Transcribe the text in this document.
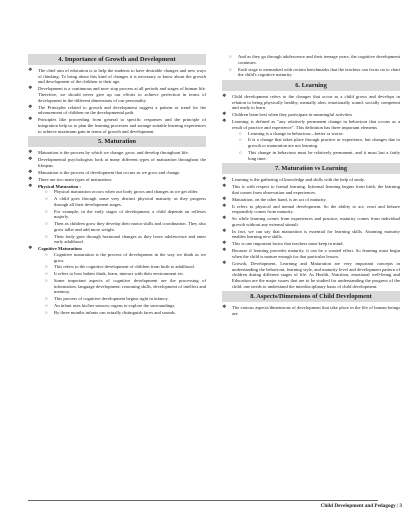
4. Importance of Growth and Development
❖ The chief aim of education is to help the students to have desirable changes and new ways of thinking. To bring about this kind of changes it is necessary to know about the growth and development of the children to their age.
❖ Development is a continuous and non- stop process at all periods and stages of human life. Therefore, we should never give up our efforts to achieve perfection in terms of development in the different dimensions of our personality.
❖ The Principles related to growth and development suggest a pattern or trend for the advancement of children on the developmental path.
❖ Principles like proceeding from general to specific responses and the principle of integration help us to plan the learning processes and arrange suitable learning experiences to achieve maximum gain in terms of growth and development.
5. Maturation
❖ Maturation is the process by which we change, grow, and develop throughout life.
❖ Developmental psychologists look at many different types of maturation throughout the lifespan.
❖ Maturation is the process of development that occurs as we grow and change.
❖ There are two main types of maturation:
❖ Physical Maturation :
○ Physical maturation occurs when our body grows and changes as we get older.
○ A child goes through some very distinct physical maturity as they progress through all their development stages.
○ For example, in the early stages of development, a child depends on reflexes majorly.
○ Then as children grow they develop their motor skills and coordination. They also grow taller and add more weight.
○ Their body goes through hormonal changes as they leave adolescence and enter early adulthood.
❖ Cognitive Maturation:
○ Cognitive maturation is the process of development in the way we think as we grow.
○ This refers to the cognitive development of children from birth to adulthood.
○ It refers to how babies think, learn, interact with their environment etc.
○ Some important aspects of cognitive development are the processing of information, language development, reasoning skills, development of intellect and memory.
○ This process of cognitive development begins right in infancy.
○ An infant uses his/her sensory organs to explore the surroundings.
○ By three months infants can actually distinguish faces and sounds.
○ And as they go through adolescence and their teenage years, the cognitive development continues.
○ Each stage is earmarked with certain benchmarks that the teachers can focus on to chart the child's cognitive maturity.
6. Learning
❖ Child development refers to the changes that occur as a child grows and develops in relation to being physically healthy, mentally alert, emotionally sound, socially competent and ready to learn.
❖ Children learn best when they participate in meaningful activities
❖ Learning is defined as "any relatively permanent change in behaviour that occurs as a result of practice and experience". This definition has three important elements
○ Learning is a change in behaviour—better or worse.
○ It is a change that takes place through practice or experience, but changes due to growth or maturation are not learning.
○ This change in behaviour must be relatively permanent, and it must last a fairly long time.
7. Maturation vs Learning
❖ Learning is the gathering of knowledge and skills with the help of study.
❖ This is with respect to formal learning. Informal learning begins from birth, the learning that comes from observation and experiences.
❖ Maturation, on the other hand, is an act of maturity.
❖ It refers to physical and mental development. So the ability to act, react and behave responsibly comes from maturity.
❖ So while learning comes from experiences and practice, maturity comes from individual growth without any external stimuli.
❖ In fact, we can say that maturation is essential for learning skills. Attaining maturity enables learning new skills.
❖ This is one important factor that teachers must keep in mind.
❖ Because if learning precedes maturity, it can be a wasted effort. So learning must begin when the child is mature enough for that particular lesson.
❖ Growth, Development, Learning and Maturation are very important concepts in understanding the behaviour, learning style, and maturity level and development pattern of children during different stages of life. As Health, Nutrition, emotional well-being and Education are the major issues that are to be studied for understanding the progress of the child, one needs to understand the interdisciplinary basis of child development.
8. Aspects/Dimensions of Child Development
❖ The various aspects/dimensions of development that take place in the life of human beings are
Child Development and Pedagogy | 3
